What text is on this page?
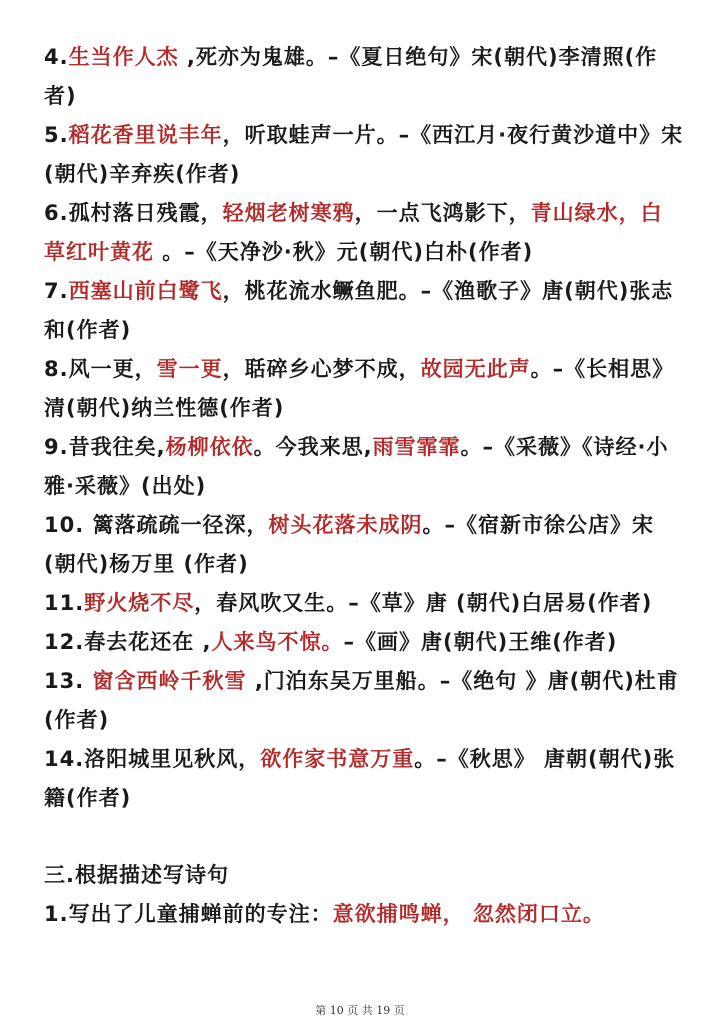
4.生当作人杰 ,死亦为鬼雄。–《夏日绝句》宋(朝代)李清照(作者)

5.稻花香里说丰年，听取蛙声一片。–《西江月·夜行黄沙道中》宋(朝代)辛弃疾(作者)

6.孤村落日残霞，轻烟老树寒鸦，一点飞鸿影下，青山绿水，白草红叶黄花 。–《天净沙·秋》元(朝代)白朴(作者)

7.西塞山前白鹭飞，桃花流水鳜鱼肥。–《渔歌子》唐(朝代)张志和(作者)

8.风一更，雪一更，聒碎乡心梦不成，故园无此声。–《长相思》清(朝代)纳兰性德(作者)

9.昔我往矣,杨柳依依。今我来思,雨雪霏霏。–《采薇》《诗经·小雅·采薇》(出处)

10. 篱落疏疏一径深，树头花落未成阴。–《宿新市徐公店》宋(朝代)杨万里 (作者)

11.野火烧不尽，春风吹又生。–《草》唐 (朝代)白居易(作者)

12.春去花还在 ,人来鸟不惊。–《画》唐(朝代)王维(作者)

13. 窗含西岭千秋雪 ,门泊东吴万里船。–《绝句 》唐(朝代)杜甫(作者)

14.洛阳城里见秋风，欲作家书意万重。–《秋思》 唐朝(朝代)张籍(作者)

三.根据描述写诗句

1.写出了儿童捕蝉前的专注：意欲捕鸣蝉， 忽然闭口立。

第 10 页 共 19 页
